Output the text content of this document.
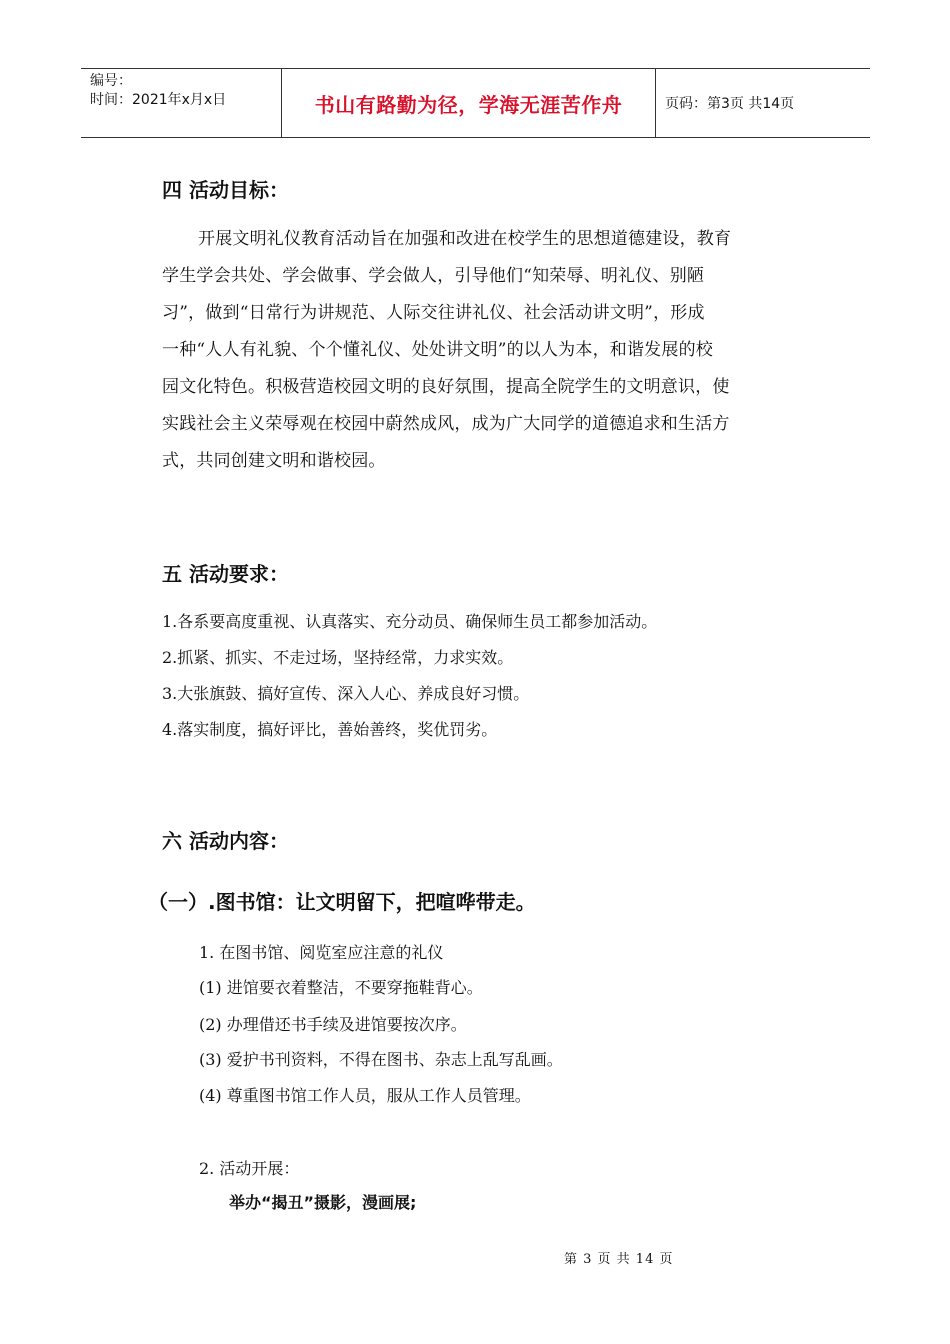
编号：
时间：2021年x月x日	书山有路勤为径，学海无涯苦作舟	页码：第3页 共14页
四 活动目标：
开展文明礼仪教育活动旨在加强和改进在校学生的思想道德建设，教育
学生学会共处、学会做事、学会做人，引导他们“知荣辱、明礼仪、别陋
习”，做到“日常行为讲规范、人际交往讲礼仪、社会活动讲文明”，形成
一种“人人有礼貌、个个懂礼仪、处处讲文明”的以人为本，和谐发展的校
园文化特色。积极营造校园文明的良好氛围，提高全院学生的文明意识，使
实践社会主义荣辱观在校园中蔚然成风，成为广大同学的道德追求和生活方
式，共同创建文明和谐校园。
五 活动要求：
1.各系要高度重视、认真落实、充分动员、确保师生员工都参加活动。
2.抓紧、抓实、不走过场，坚持经常，力求实效。
3.大张旗鼓、搞好宣传、深入人心、养成良好习惯。
4.落实制度，搞好评比，善始善终，奖优罚劣。
六 活动内容：
（一）.图书馆：让文明留下，把喧哗带走。
1. 在图书馆、阅览室应注意的礼仪
(1) 进馆要衣着整洁，不要穿拖鞋背心。
(2) 办理借还书手续及进馆要按次序。
(3) 爱护书刊资料，不得在图书、杂志上乱写乱画。
(4) 尊重图书馆工作人员，服从工作人员管理。
2. 活动开展：
举办“揭丑”摄影，漫画展;
第 3 页 共 14 页
